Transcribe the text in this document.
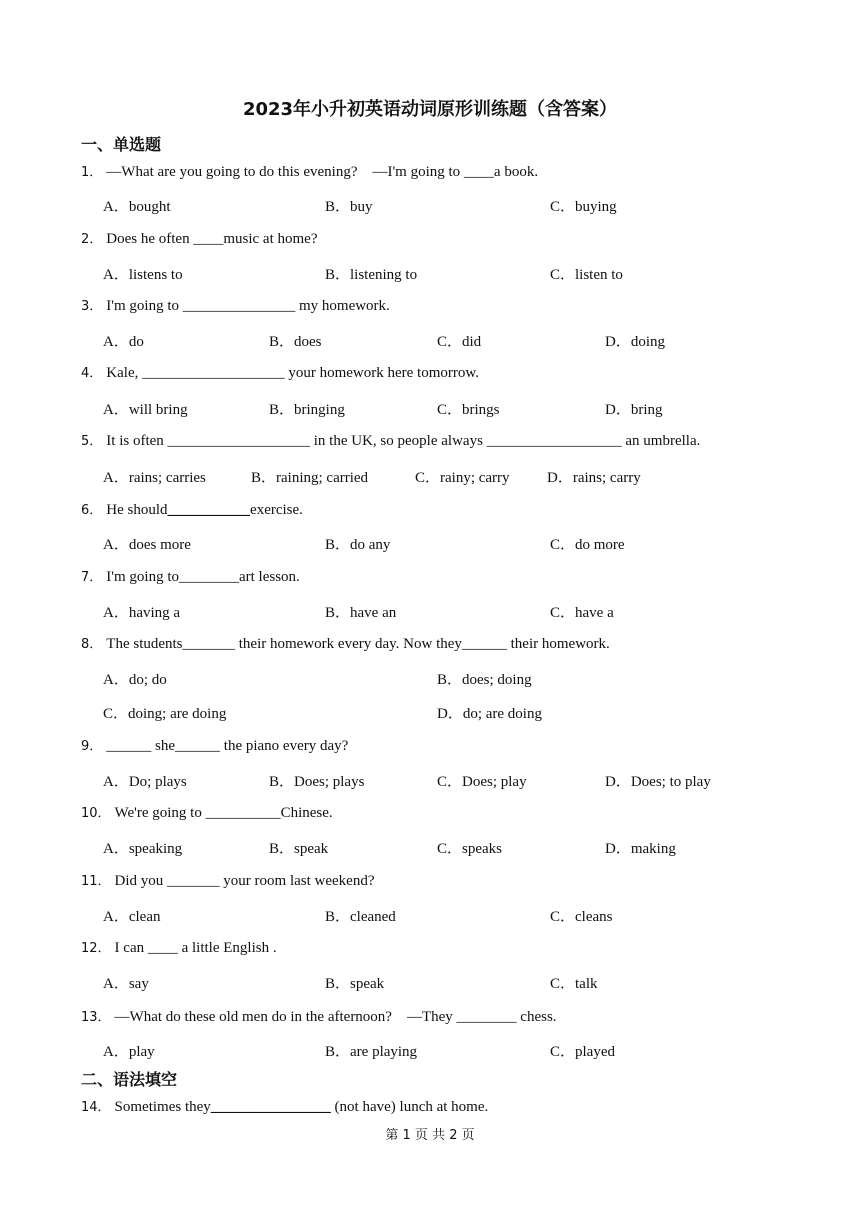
2023年小升初英语动词原形训练题（含答案）
一、单选题
1． —What are you going to do this evening?　—I'm going to ____a book.
A．bought	B．buy	C．buying
2． Does he often ____music at home?
A．listens to	B．listening to	C．listen to
3． I'm going to _______________ my homework.
A．do	B．does	C．did	D．doing
4． Kale, ___________________ your homework here tomorrow.
A．will bring	B．bringing	C．brings	D．bring
5． It is often ___________________ in the UK, so people always __________________ an umbrella.
A．rains; carries	B．raining; carried	C．rainy; carry D．rains; carry
6． He should___________exercise.
A．does more	B．do any	C．do more
7． I'm going to________art lesson.
A．having a	B．have an	C．have a
8． The students_______ their homework every day. Now they______ their homework.
A．do; do	B．does; doing
C．doing; are doing	D．do; are doing
9． ______ she______ the piano every day?
A．Do; plays	B．Does; plays	C．Does; play	D．Does; to play
10． We're going to __________Chinese.
A．speaking	B．speak	C．speaks	D．making
11． Did you _______ your room last weekend?
A．clean	B．cleaned	C．cleans
12． I can ____ a little English .
A．say	B．speak	C．talk
13． —What do these old men do in the afternoon?　—They ________ chess.
A．play	B．are playing	C．played
二、语法填空
14． Sometimes they________________ (not have) lunch at home.
第 1 页 共 2 页
